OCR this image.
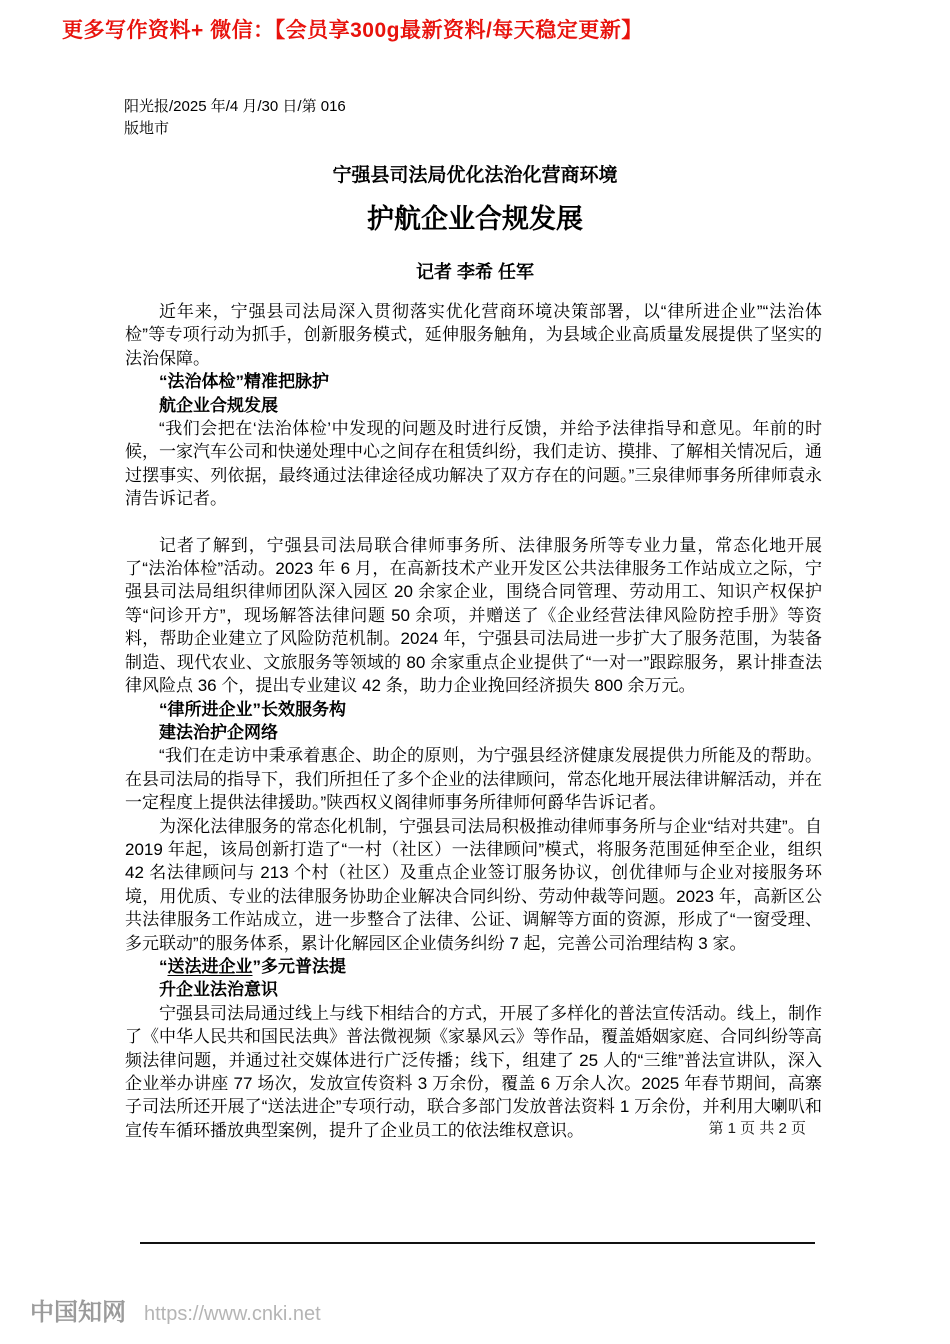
更多写作资料+ 微信：【会员享300g最新资料/每天稳定更新】
阳光报/2025 年/4 月/30 日/第 016
版地市
宁强县司法局优化法治化营商环境
护航企业合规发展
记者 李希 任军

近年来，宁强县司法局深入贯彻落实优化营商环境决策部署，以“律所进企业”“法治体检”等专项行动为抓手，创新服务模式，延伸服务触角，为县域企业高质量发展提供了坚实的法治保障。

“法治体检”精准把脉护

航企业合规发展

“我们会把在‘法治体检’中发现的问题及时进行反馈，并给予法律指导和意见。年前的时候，一家汽车公司和快递处理中心之间存在租赁纠纷，我们走访、摸排、了解相关情况后，通过摆事实、列依据，最终通过法律途径成功解决了双方存在的问题。”三泉律师事务所律师袁永清告诉记者。

记者了解到，宁强县司法局联合律师事务所、法律服务所等专业力量，常态化地开展了“法治体检”活动。2023 年 6 月，在高新技术产业开发区公共法律服务工作站成立之际，宁强县司法局组织律师团队深入园区 20 余家企业，围绕合同管理、劳动用工、知识产权保护等“问诊开方”，现场解答法律问题 50 余项，并赠送了《企业经营法律风险防控手册》等资料，帮助企业建立了风险防范机制。2024 年，宁强县司法局进一步扩大了服务范围，为装备制造、现代农业、文旅服务等领域的 80 余家重点企业提供了“一对一”跟踪服务，累计排查法律风险点 36 个，提出专业建议 42 条，助力企业挽回经济损失 800 余万元。

“律所进企业”长效服务构

建法治护企网络

“我们在走访中秉承着惠企、助企的原则，为宁强县经济健康发展提供力所能及的帮助。在县司法局的指导下，我们所担任了多个企业的法律顾问，常态化地开展法律讲解活动，并在一定程度上提供法律援助。”陕西权义阁律师事务所律师何爵华告诉记者。

为深化法律服务的常态化机制，宁强县司法局积极推动律师事务所与企业“结对共建”。自 2019 年起，该局创新打造了“一村（社区）一法律顾问”模式，将服务范围延伸至企业，组织 42 名法律顾问与 213 个村（社区）及重点企业签订服务协议，创优律师与企业对接服务环境，用优质、专业的法律服务协助企业解决合同纠纷、劳动仲裁等问题。2023 年，高新区公共法律服务工作站成立，进一步整合了法律、公证、调解等方面的资源，形成了“一窗受理、多元联动”的服务体系，累计化解园区企业债务纠纷 7 起，完善公司治理结构 3 家。

“送法进企业”多元普法提

升企业法治意识

宁强县司法局通过线上与线下相结合的方式，开展了多样化的普法宣传活动。线上，制作了《中华人民共和国民法典》普法微视频《家暴风云》等作品，覆盖婚姻家庭、合同纠纷等高频法律问题，并通过社交媒体进行广泛传播；线下，组建了 25 人的“三维”普法宣讲队，深入企业举办讲座 77 场次，发放宣传资料 3 万余份，覆盖 6 万余人次。2025 年春节期间，高寨子司法所还开展了“送法进企”专项行动，联合多部门发放普法资料 1 万余份，并利用大喇叭和宣传车循环播放典型案例，提升了企业员工的依法维权意识。	第 1 页 共 2 页
中国知网 https://www.cnki.net
